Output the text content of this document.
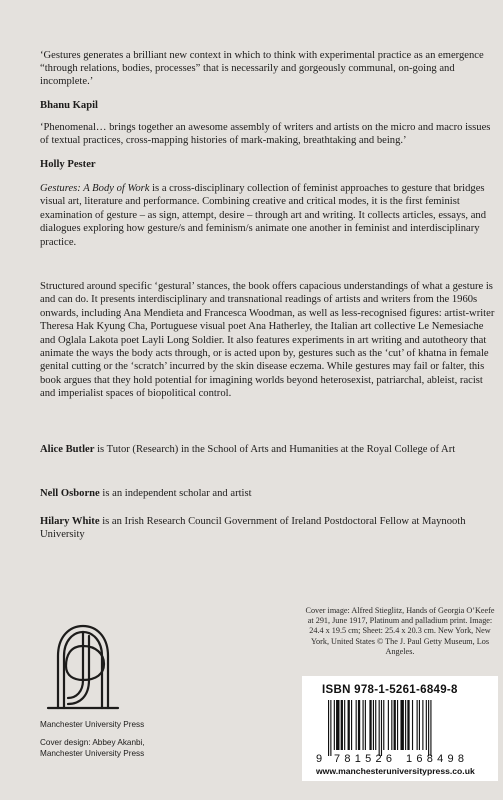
‘Gestures generates a brilliant new context in which to think with experimental practice as an emergence “through relations, bodies, processes” that is necessarily and gorgeously communal, on-going and incomplete.’

Bhanu Kapil

‘Phenomenal… brings together an awesome assembly of writers and artists on the micro and macro issues of textual practices, cross-mapping histories of mark-making, breathtaking and being.’

Holly Pester

Gestures: A Body of Work is a cross-disciplinary collection of feminist approaches to gesture that bridges visual art, literature and performance. Combining creative and critical modes, it is the first feminist examination of gesture – as sign, attempt, desire – through art and writing. It collects articles, essays, and dialogues exploring how gesture/s and feminism/s animate one another in feminist and interdisciplinary practice.

Structured around specific ‘gestural’ stances, the book offers capacious understandings of what a gesture is and can do. It presents interdisciplinary and transnational readings of artists and writers from the 1960s onwards, including Ana Mendieta and Francesca Woodman, as well as less-recognised figures: artist-writer Theresa Hak Kyung Cha, Portuguese visual poet Ana Hatherley, the Italian art collective Le Nemesiache and Oglala Lakota poet Layli Long Soldier. It also features experiments in art writing and autotheory that animate the ways the body acts through, or is acted upon by, gestures such as the ‘cut’ of khatna in female genital cutting or the ‘scratch’ incurred by the skin disease eczema. While gestures may fail or falter, this book argues that they hold potential for imagining worlds beyond heterosexist, patriarchal, ableist, racist and imperialist spaces of biopolitical control.

Alice Butler is Tutor (Research) in the School of Arts and Humanities at the Royal College of Art

Nell Osborne is an independent scholar and artist

Hilary White is an Irish Research Council Government of Ireland Postdoctoral Fellow at Maynooth University

Cover image: Alfred Stieglitz, Hands of Georgia O’Keefe at 291, June 1917, Platinum and palladium print. Image: 24.4 x 19.5 cm; Sheet: 25.4 x 20.3 cm. New York, New York, United States © The J. Paul Getty Museum, Los Angeles.
Manchester University Press
Cover design: Abbey Akanbi,
Manchester University Press
ISBN 978-1-5261-6849-8
9 781526 168498
www.manchesteruniversitypress.co.uk
